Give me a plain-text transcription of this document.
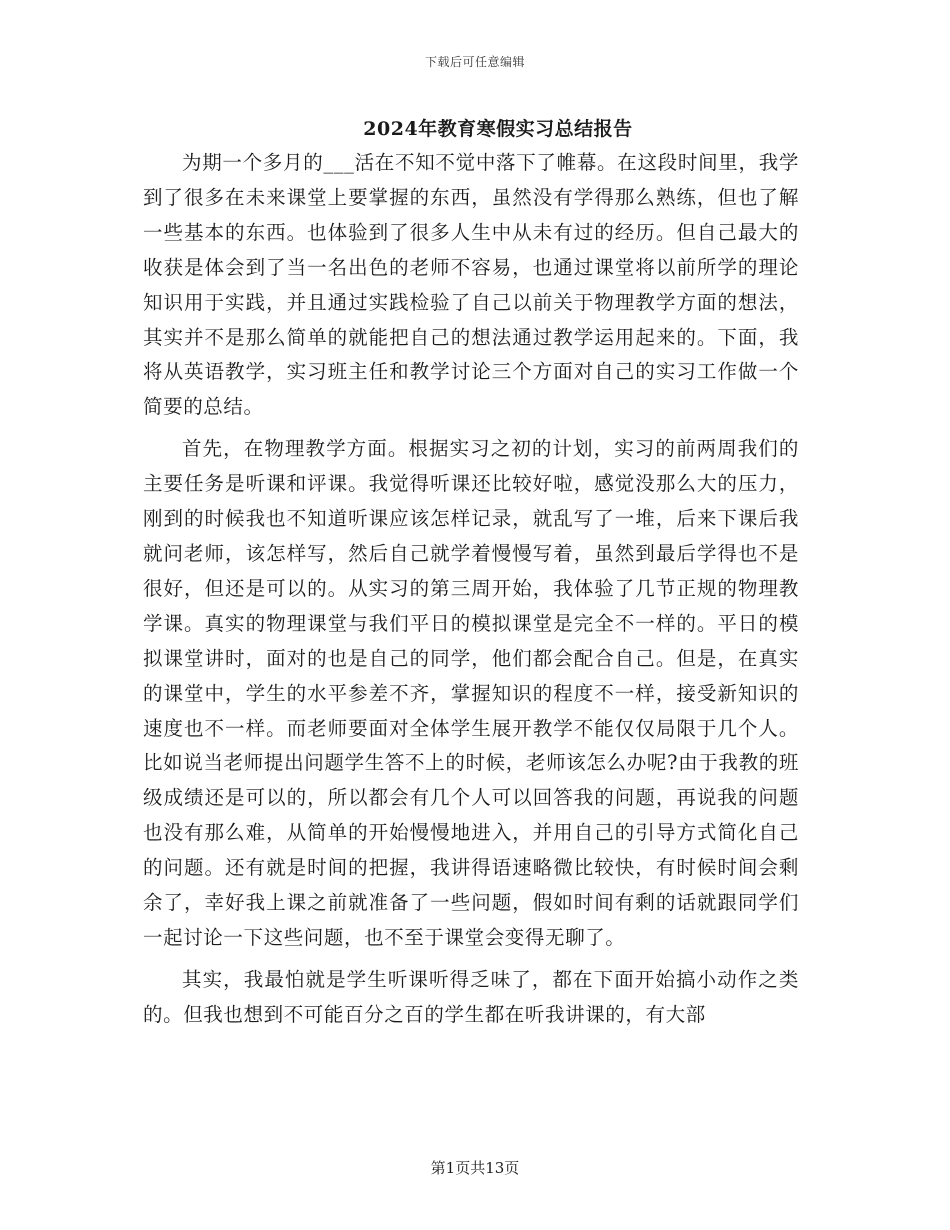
下载后可任意编辑
2024年教育寒假实习总结报告

为期一个多月的___活在不知不觉中落下了帷幕。在这段时间里，我学到了很多在未来课堂上要掌握的东西，虽然没有学得那么熟练，但也了解一些基本的东西。也体验到了很多人生中从未有过的经历。但自己最大的收获是体会到了当一名出色的老师不容易，也通过课堂将以前所学的理论知识用于实践，并且通过实践检验了自己以前关于物理教学方面的想法，其实并不是那么简单的就能把自己的想法通过教学运用起来的。下面，我将从英语教学，实习班主任和教学讨论三个方面对自己的实习工作做一个简要的总结。

首先，在物理教学方面。根据实习之初的计划，实习的前两周我们的主要任务是听课和评课。我觉得听课还比较好啦，感觉没那么大的压力，刚到的时候我也不知道听课应该怎样记录，就乱写了一堆，后来下课后我就问老师，该怎样写，然后自己就学着慢慢写着，虽然到最后学得也不是很好，但还是可以的。从实习的第三周开始，我体验了几节正规的物理教学课。真实的物理课堂与我们平日的模拟课堂是完全不一样的。平日的模拟课堂讲时，面对的也是自己的同学，他们都会配合自己。但是，在真实的课堂中，学生的水平参差不齐，掌握知识的程度不一样，接受新知识的速度也不一样。而老师要面对全体学生展开教学不能仅仅局限于几个人。比如说当老师提出问题学生答不上的时候，老师该怎么办呢?由于我教的班级成绩还是可以的，所以都会有几个人可以回答我的问题，再说我的问题也没有那么难，从简单的开始慢慢地进入，并用自己的引导方式简化自己的问题。还有就是时间的把握，我讲得语速略微比较快，有时候时间会剩余了，幸好我上课之前就准备了一些问题，假如时间有剩的话就跟同学们一起讨论一下这些问题，也不至于课堂会变得无聊了。

其实，我最怕就是学生听课听得乏味了，都在下面开始搞小动作之类的。但我也想到不可能百分之百的学生都在听我讲课的，有大部

第1页共13页
